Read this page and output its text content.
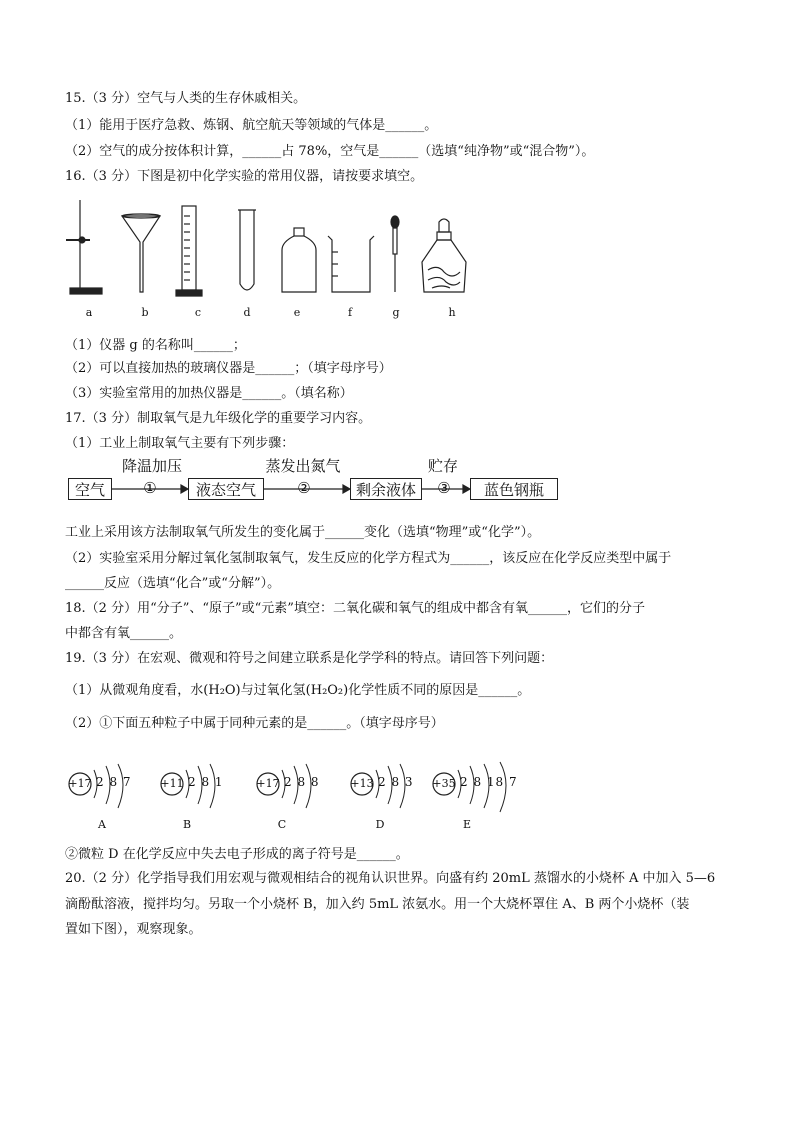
15.（3 分）空气与人类的生存休戚相关。
（1）能用于医疗急救、炼钢、航空航天等领域的气体是______。
（2）空气的成分按体积计算，______占 78%，空气是______（选填“纯净物”或“混合物”）。
16.（3 分）下图是初中化学实验的常用仪器，请按要求填空。
a	b	c	d	e	f	g	h
（1）仪器 g 的名称叫______；
（2）可以直接加热的玻璃仪器是______；（填字母序号）
（3）实验室常用的加热仪器是______。（填名称）
17.（3 分）制取氧气是九年级化学的重要学习内容。
（1）工业上制取氧气主要有下列步骤：
降温加压
①
蒸发出氮气
②
贮存
③
空气	液态空气	剩余液体	蓝色钢瓶
工业上采用该方法制取氧气所发生的变化属于______变化（选填“物理”或“化学”）。
（2）实验室采用分解过氧化氢制取氧气，发生反应的化学方程式为______，该反应在化学反应类型中属于
______反应（选填“化合”或“分解”）。
18.（2 分）用“分子”、“原子”或“元素”填空：二氧化碳和氧气的组成中都含有氧______，它们的分子
中都含有氧______。
19.（3 分）在宏观、微观和符号之间建立联系是化学学科的特点。请回答下列问题：
（1）从微观角度看，水(H₂O)与过氧化氢(H₂O₂)化学性质不同的原因是______。
（2）①下面五种粒子中属于同种元素的是______。（填字母序号）
+17 2 8 7	+11 2 8 1	+17 2 8 8	+13 2 8 3 +35 2 8 18 7
A	B	C	D	E
②微粒 D 在化学反应中失去电子形成的离子符号是______。
20.（2 分）化学指导我们用宏观与微观相结合的视角认识世界。向盛有约 20mL 蒸馏水的小烧杯 A 中加入 5—6
滴酚酞溶液，搅拌均匀。另取一个小烧杯 B，加入约 5mL 浓氨水。用一个大烧杯罩住 A、B 两个小烧杯（装
置如下图），观察现象。
